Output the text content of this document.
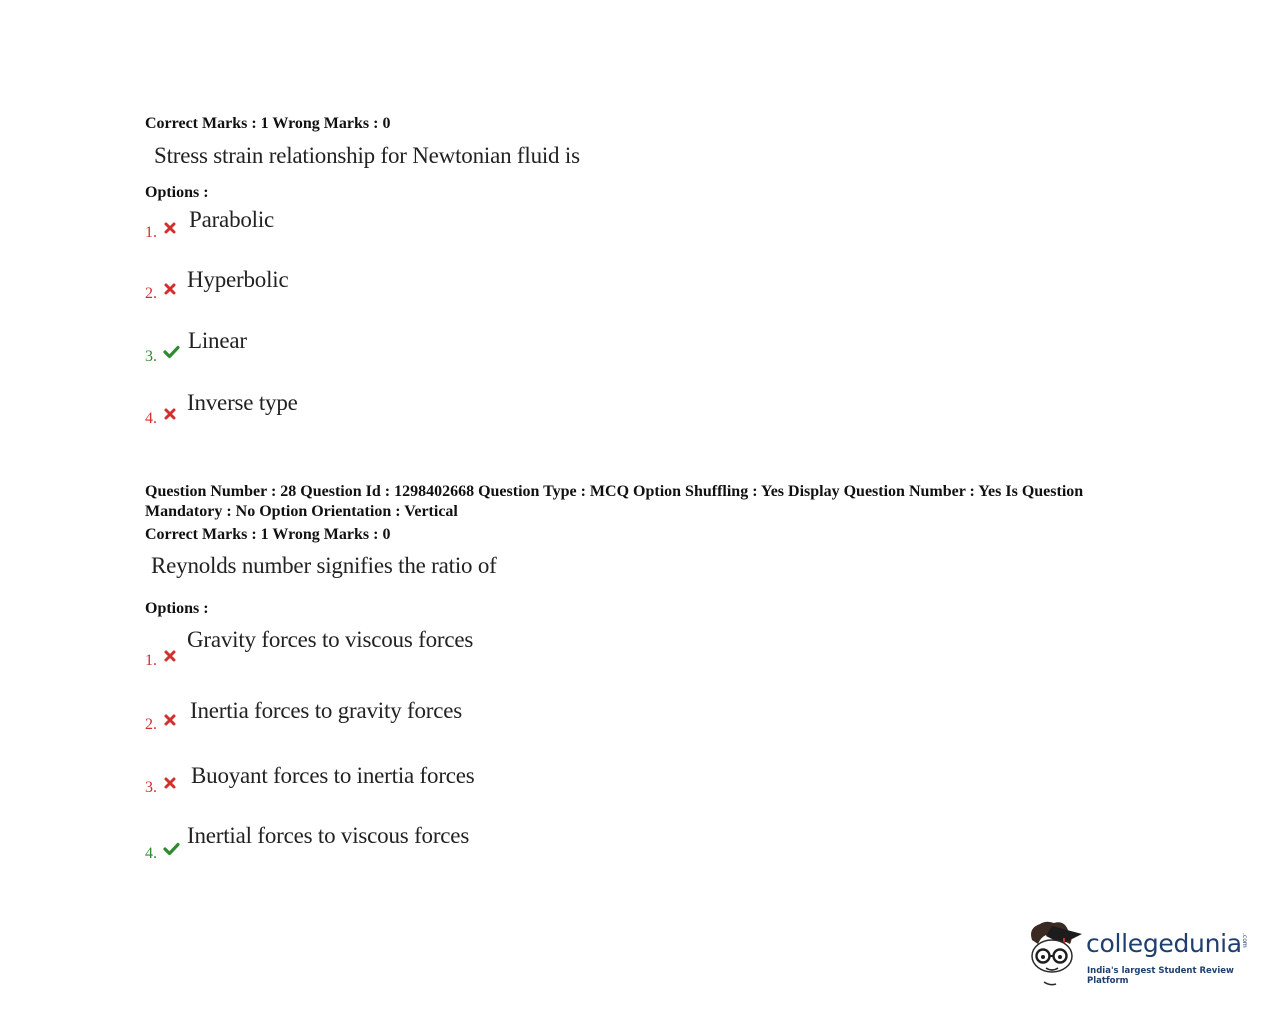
Correct Marks : 1 Wrong Marks : 0
Stress strain relationship for Newtonian fluid is
Options :
1.
Parabolic
2.
Hyperbolic
3.
Linear
4.
Inverse type
Question Number : 28 Question Id : 1298402668 Question Type : MCQ Option Shuffling : Yes Display Question Number : Yes Is Question Mandatory : No Option Orientation : Vertical
Correct Marks : 1 Wrong Marks : 0
Reynolds number signifies the ratio of
Options :
1.
Gravity forces to viscous forces
2.
Inertia forces to gravity forces
3. Buoyant forces to inertia forces
4.
Inertial forces to viscous forces
collegedunia .com
India's largest Student Review Platform
